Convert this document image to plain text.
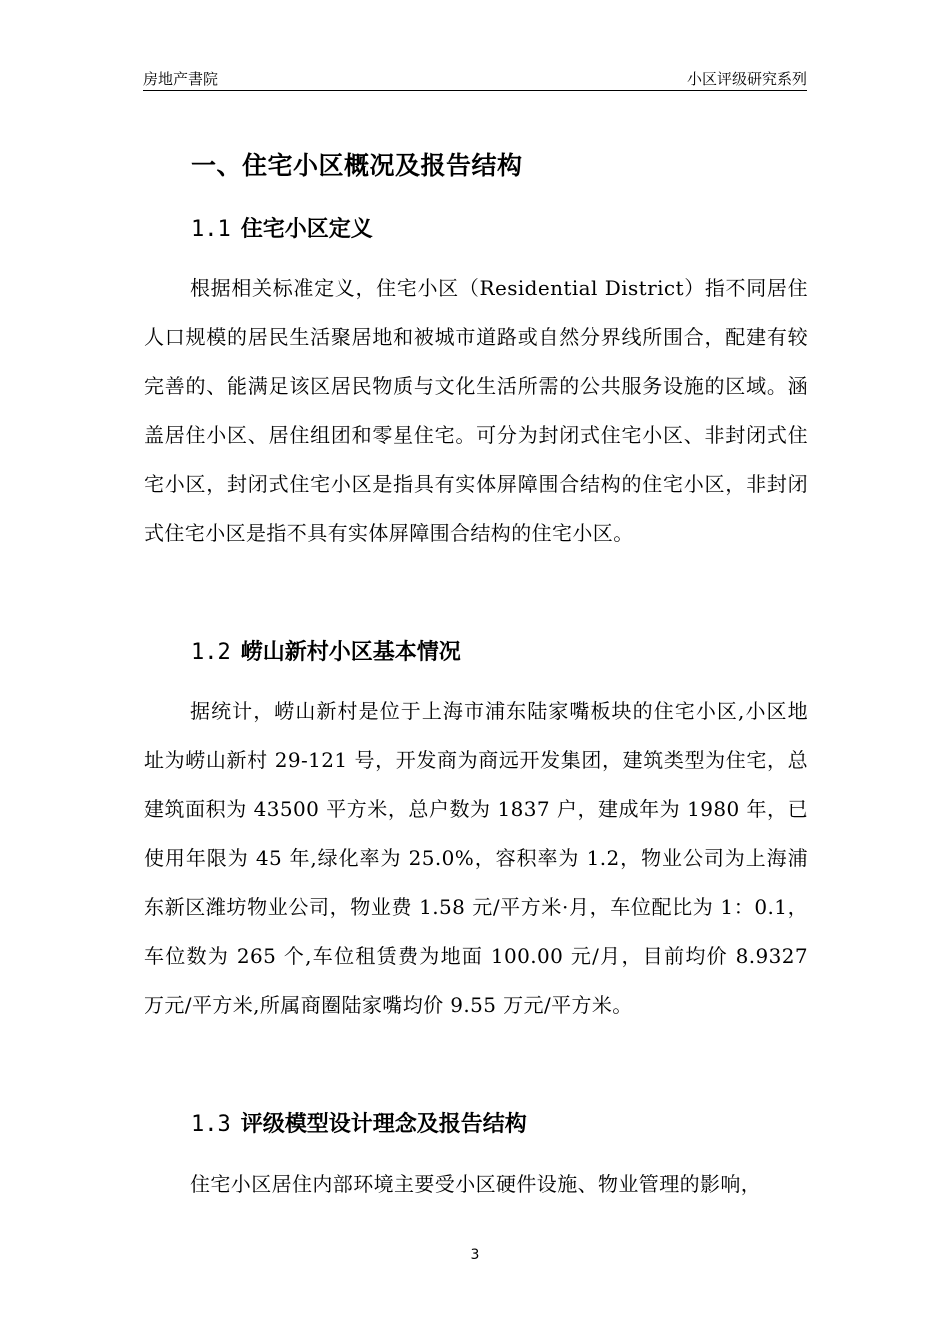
房地产書院	小区评级研究系列
一、住宅小区概况及报告结构
1.1 住宅小区定义
根据相关标准定义，住宅小区（Residential District）指不同居住人口规模的居民生活聚居地和被城市道路或自然分界线所围合，配建有较完善的、能满足该区居民物质与文化生活所需的公共服务设施的区域。涵盖居住小区、居住组团和零星住宅。可分为封闭式住宅小区、非封闭式住宅小区，封闭式住宅小区是指具有实体屏障围合结构的住宅小区，非封闭式住宅小区是指不具有实体屏障围合结构的住宅小区。
1.2 崂山新村小区基本情况
据统计，崂山新村是位于上海市浦东陆家嘴板块的住宅小区,小区地址为崂山新村 29-121 号，开发商为商远开发集团，建筑类型为住宅，总建筑面积为 43500 平方米，总户数为 1837 户，建成年为 1980 年，已使用年限为 45 年,绿化率为 25.0%，容积率为 1.2，物业公司为上海浦东新区潍坊物业公司，物业费 1.58 元/平方米·月，车位配比为 1：0.1，车位数为 265 个,车位租赁费为地面 100.00 元/月，目前均价 8.9327 万元/平方米,所属商圈陆家嘴均价 9.55 万元/平方米。
1.3 评级模型设计理念及报告结构
住宅小区居住内部环境主要受小区硬件设施、物业管理的影响，
3
